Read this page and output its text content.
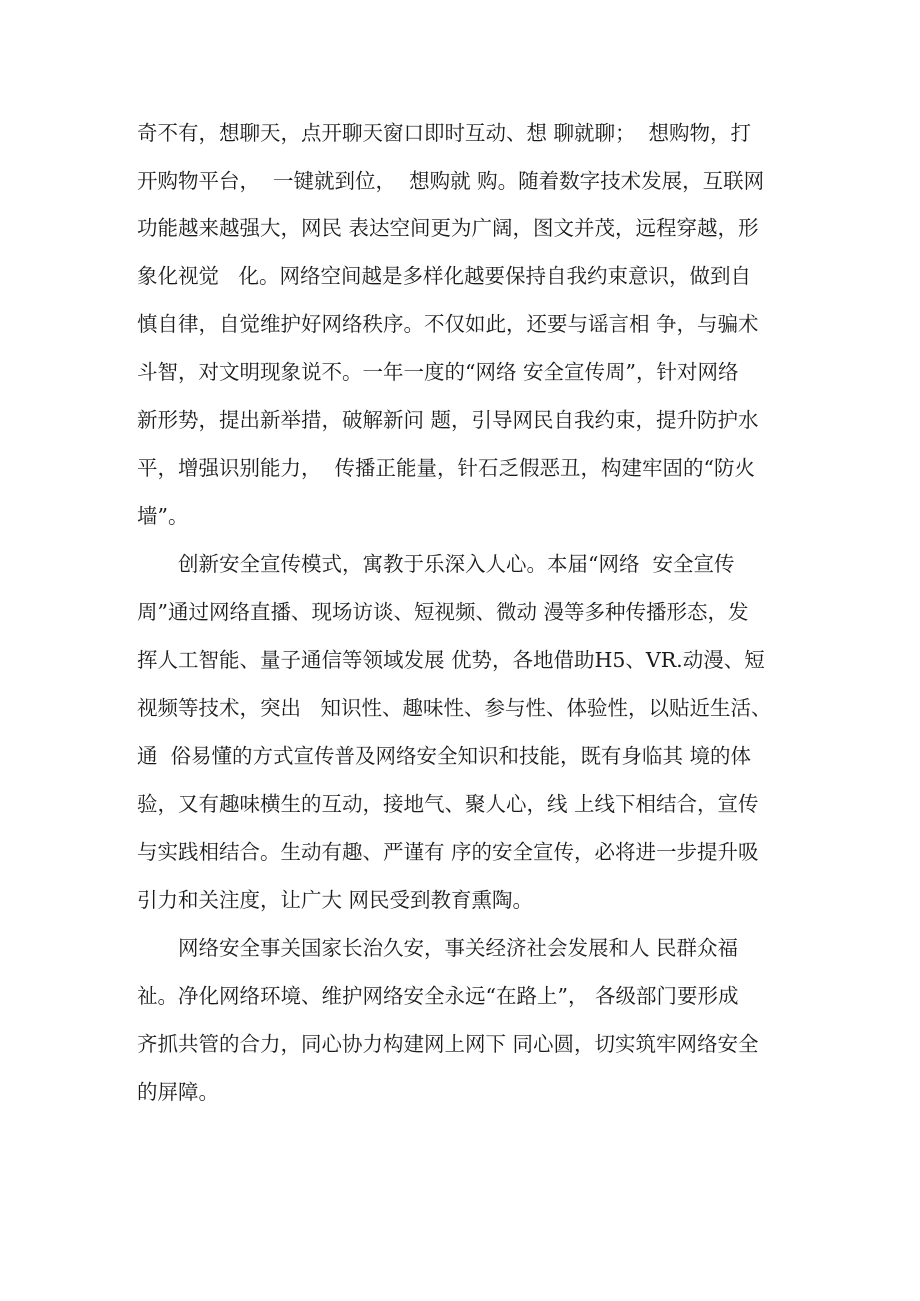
奇不有，想聊天，点开聊天窗口即时互动、想 聊就聊；  想购物，打
开购物平台，  一键就到位，  想购就 购。随着数字技术发展，互联网
功能越来越强大，网民 表达空间更为广阔，图文并茂，远程穿越，形
象化视觉   化。网络空间越是多样化越要保持自我约束意识，做到自
慎自律，自觉维护好网络秩序。不仅如此，还要与谣言相 争，与骗术
斗智，对文明现象说不。一年一度的“网络 安全宣传周”，针对网络
新形势，提出新举措，破解新问 题，引导网民自我约束，提升防护水
平，增强识别能力，  传播正能量，针石乏假恶丑，构建牢固的“防火
墙”。
创新安全宣传模式，寓教于乐深入人心。本届“网络  安全宣传
周”通过网络直播、现场访谈、短视频、微动 漫等多种传播形态，发
挥人工智能、量子通信等领域发展 优势，各地借助H5、VR.动漫、短
视频等技术，突出   知识性、趣味性、参与性、体验性，以贴近生活、
通  俗易懂的方式宣传普及网络安全知识和技能，既有身临其 境的体
验，又有趣味横生的互动，接地气、聚人心，线 上线下相结合，宣传
与实践相结合。生动有趣、严谨有 序的安全宣传，必将进一步提升吸
引力和关注度，让广大 网民受到教育熏陶。
网络安全事关国家长治久安，事关经济社会发展和人 民群众福
祉。净化网络环境、维护网络安全永远“在路上”， 各级部门要形成
齐抓共管的合力，同心协力构建网上网下 同心圆，切实筑牢网络安全
的屏障。
